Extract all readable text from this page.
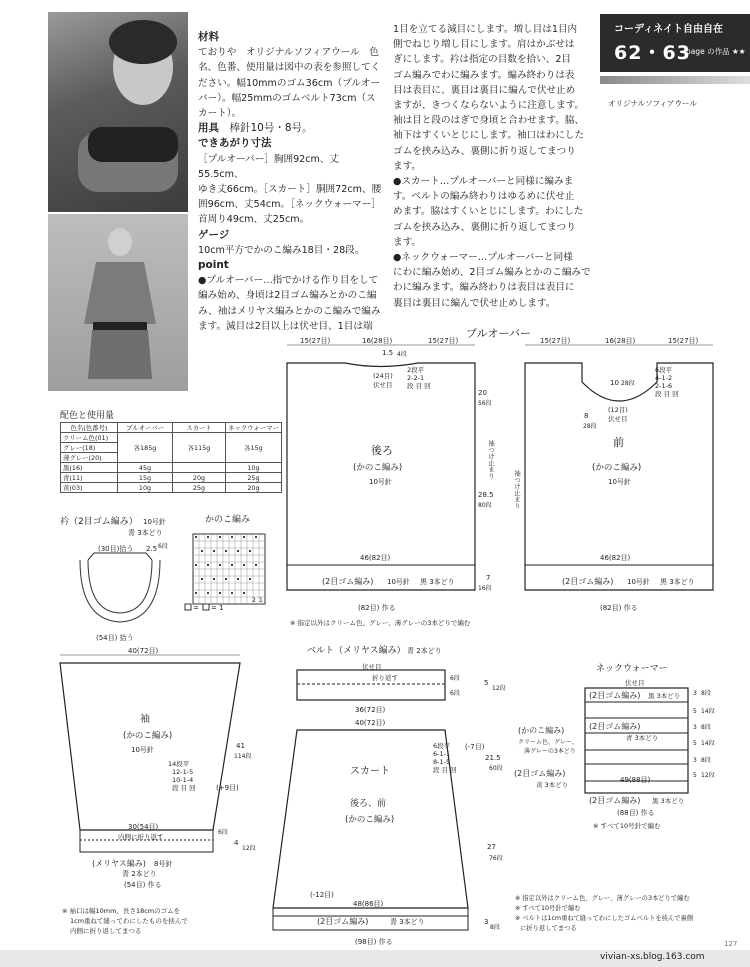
材料
ておりや　オリジナルソフィアウール　色
名、色番、使用量は図中の表を参照してく
ださい。幅10mmのゴム36cm（プルオー
バー）。幅25mmのゴムベルト73cm（ス
カート）。
用具　 棒針10号・8号。
できあがり寸法
［プルオーバー］胸囲92cm、丈55.5cm、
ゆき丈66cm。［スカート］胴囲72cm、腰
囲96cm、丈54cm。［ネックウォーマー］
首周り49cm、丈25cm。
ゲージ
10cm平方でかのこ編み18目・28段。
point
●プルオーバー…指でかける作り目をして
編み始め、身頃は2目ゴム編みとかのこ編
み、袖はメリヤス編みとかのこ編みで編み
ます。減目は2目以上は伏せ目、1目は端
1目を立てる減目にします。増し目は1目内
側でねじり増し目にします。肩はかぶせは
ぎにします。衿は指定の目数を拾い、2目
ゴム編みでわに編みます。編み終わりは表
目は表目に、裏目は裏目に編んで伏せ止め
ますが、きつくならないように注意します。
袖は目と段のはぎで身頃と合わせます。脇、
袖下はすくいとじにします。袖口はわにした
ゴムを挟み込み、裏側に折り返してまつり
ます。
●スカート…プルオーバーと同様に編みま
す。ベルトの編み終わりはゆるめに伏せ止
めます。脇はすくいとじにします。わにした
ゴムを挟み込み、裏側に折り返してまつり
ます。
●ネックウォーマー…プルオーバーと同様
にわに編み始め、2目ゴム編みとかのこ編みで
わに編みます。編み終わりは表目は表目に
裏目は裏目に編んで伏せ止めします。
コーディネイト自由自在
62・63
page の作品 ★★
オリジナルソフィアウール
配色と使用量
色名(色番号)	プルオーバー	スカート	ネックウォーマー
クリーム色(01)	各185g	各115g	各15g
グレー(18)			
薄グレー(20)			
黒(16)	45g		10g
青(11)	15g	20g	25g
黄(03)	10g	25g	20g
衿（2目ゴム編み） 10号針
青 3本どり
(30目)拾う
(54目) 拾う
2.5 6段
かのこ編み
2 1
= = 1
プルオーバー
15(27目)	16(28目)	15(27目)
1.5 4段
(24目)
伏せ目
2段平
2-2-1
段 目 回
後ろ
(かのこ編み)
10号針
46(82目)
(2目ゴム編み) 10号針 黒 3本どり
(82目) 作る
※ 指定以外はクリーム色、グレー、薄グレーの3本どりで編む
20
56段
袖つけ止まり
28.5
80段
7
16段
15(27目)	16(28目)	15(27目)
10 28段
6段平
4-1-2
2-1-6
段 目 回
(12目)
伏せ目
8
28段
前
(かのこ編み)
10号針
46(82目)
(2目ゴム編み) 10号針 黒 3本どり
(82目) 作る
袖つけ止まり
40(72目)
袖
(かのこ編み)
10号針
14段平
12-1-5
10-1-4
段 目 回	(+9目)
41
114段
30(54目)
内側に折り返す
6段
4
12段
(メリヤス編み) 8号針
青 2本どり
(54目) 作る
※ 袖口は幅10mm、長さ18cmのゴムを
1cm重ねて縫ってわにしたものを挟んで
内側に折り返してまつる
ベルト（メリヤス編み） 青 2本どり
伏せ目
折り返す	6段
6段
5
12段
36(72目)
40(72目)
スカート
後ろ、前
(かのこ編み)
6段平
6-1-1
8-1-5
段 目 回
(-7目)
21.5
60段
27
76段
(-12目)
48(86目)
(2目ゴム編み)	青 3本どり	3
8段
(98目) 作る
※ 指定以外はクリーム色、グレー、薄グレーの3本どりで編む
※ すべて10号針で編む
※ ベルトは1cm重ねて縫ってわにしたゴムベルトを挟んで裏側
に折り返してまつる
ネックウォーマー
伏せ目
(2目ゴム編み) 黒 3本どり
(2目ゴム編み)
青 3本どり
49(88目)
(2目ゴム編み) 黒 3本どり
(88目) 作る
※ すべて10号針で編む
(かのこ編み)
クリーム色、グレー、
薄グレーの3本どり
(2目ゴム編み)
黄 3本どり
3 8段
5 14段
3 8段
5 14段
3 8段
5 12段
vivian-xs.blog.163.com
127
